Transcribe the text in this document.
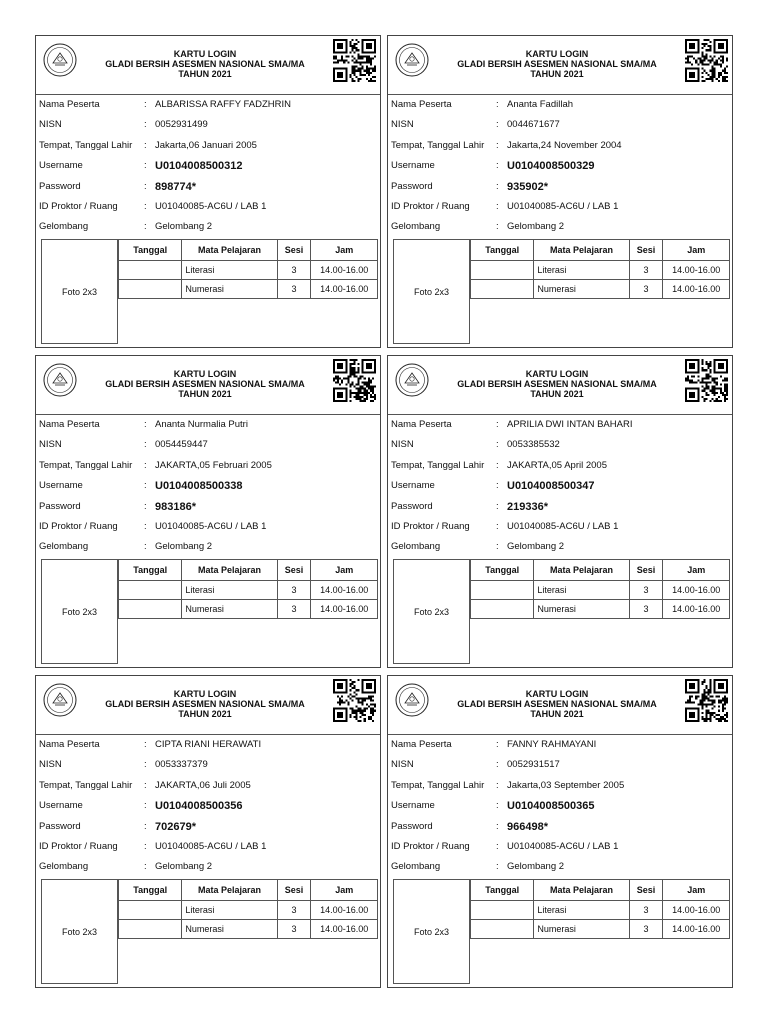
KARTU LOGIN
GLADI BERSIH ASESMEN NASIONAL SMA/MA
TAHUN 2021
Nama Peserta	: ALBARISSA RAFFY FADZHRIN
NISN	: 0052931499
Tempat, Tanggal Lahir : Jakarta,06 Januari 2005
Username	: U0104008500312
Password	: 898774*
ID Proktor / Ruang	: U01040085-AC6U / LAB 1
Gelombang	: Gelombang 2
Foto 2x3
Tanggal	Mata Pelajaran	Sesi	Jam
	Literasi	3	14.00-16.00
	Numerasi	3	14.00-16.00
KARTU LOGIN
GLADI BERSIH ASESMEN NASIONAL SMA/MA
TAHUN 2021
Nama Peserta	: Ananta Fadillah
NISN	: 0044671677
Tempat, Tanggal Lahir : Jakarta,24 November 2004
Username	: U0104008500329
Password	: 935902*
ID Proktor / Ruang	: U01040085-AC6U / LAB 1
Gelombang	: Gelombang 2
Foto 2x3
Tanggal	Mata Pelajaran	Sesi	Jam
	Literasi	3	14.00-16.00
	Numerasi	3	14.00-16.00
KARTU LOGIN
GLADI BERSIH ASESMEN NASIONAL SMA/MA
TAHUN 2021
Nama Peserta	: Ananta Nurmalia Putri
NISN	: 0054459447
Tempat, Tanggal Lahir : JAKARTA,05 Februari 2005
Username	: U0104008500338
Password	: 983186*
ID Proktor / Ruang	: U01040085-AC6U / LAB 1
Gelombang	: Gelombang 2
Foto 2x3
Tanggal	Mata Pelajaran	Sesi	Jam
	Literasi	3	14.00-16.00
	Numerasi	3	14.00-16.00
KARTU LOGIN
GLADI BERSIH ASESMEN NASIONAL SMA/MA
TAHUN 2021
Nama Peserta	: APRILIA DWI INTAN BAHARI
NISN	: 0053385532
Tempat, Tanggal Lahir : JAKARTA,05 April 2005
Username	: U0104008500347
Password	: 219336*
ID Proktor / Ruang	: U01040085-AC6U / LAB 1
Gelombang	: Gelombang 2
Foto 2x3
Tanggal	Mata Pelajaran	Sesi	Jam
	Literasi	3	14.00-16.00
	Numerasi	3	14.00-16.00
KARTU LOGIN
GLADI BERSIH ASESMEN NASIONAL SMA/MA
TAHUN 2021
Nama Peserta	: CIPTA RIANI HERAWATI
NISN	: 0053337379
Tempat, Tanggal Lahir : JAKARTA,06 Juli 2005
Username	: U0104008500356
Password	: 702679*
ID Proktor / Ruang	: U01040085-AC6U / LAB 1
Gelombang	: Gelombang 2
Foto 2x3
Tanggal	Mata Pelajaran	Sesi	Jam
	Literasi	3	14.00-16.00
	Numerasi	3	14.00-16.00
KARTU LOGIN
GLADI BERSIH ASESMEN NASIONAL SMA/MA
TAHUN 2021
Nama Peserta	: FANNY RAHMAYANI
NISN	: 0052931517
Tempat, Tanggal Lahir : Jakarta,03 September 2005
Username	: U0104008500365
Password	: 966498*
ID Proktor / Ruang	: U01040085-AC6U / LAB 1
Gelombang	: Gelombang 2
Foto 2x3
Tanggal	Mata Pelajaran	Sesi	Jam
	Literasi	3	14.00-16.00
	Numerasi	3	14.00-16.00
